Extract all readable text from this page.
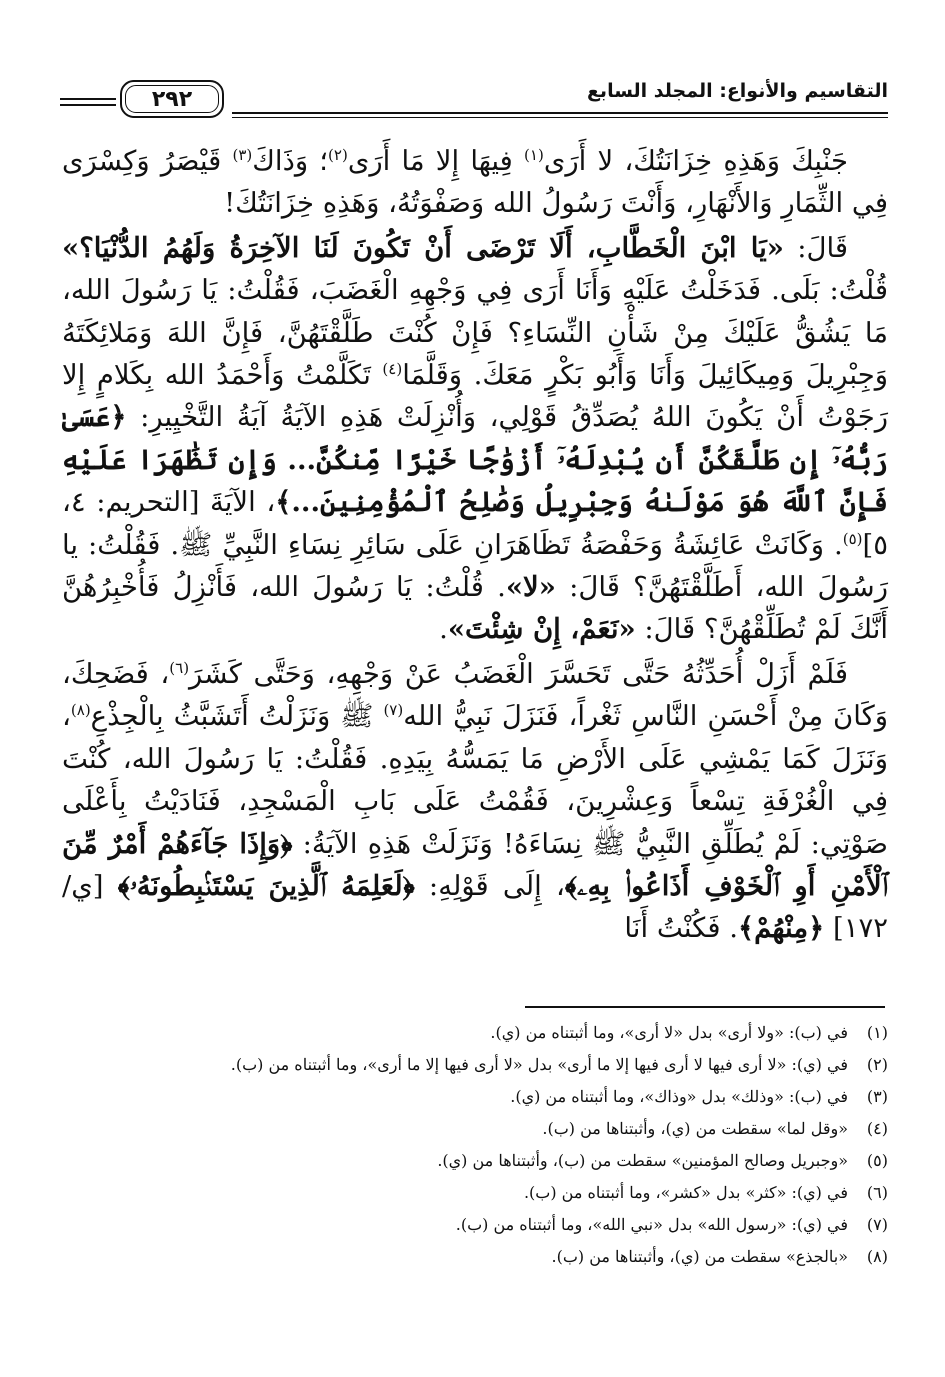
التقاسيم والأنواع: المجلد السابع
٢٩٢

جَنْبِكَ وَهَذِهِ خِزَانَتُكَ، لا أَرَى$^{(١)}$ فِيهَا إِلا مَا أَرَى$^{(٢)}$؛ وَذَاكَ$^{(٣)}$ قَيْصَرُ وَكِسْرَى فِي الثِّمَارِ وَالأَنْهَارِ، وَأَنْتَ رَسُولُ الله وَصَفْوَتُهُ، وَهَذِهِ خِزَانَتُكَ!

قَالَ: «يَا ابْنَ الْخَطَّابِ، أَلَا تَرْضَى أَنْ تَكُونَ لَنَا الآخِرَةُ وَلَهُمُ الدُّنْيَا؟» قُلْتُ: بَلَى. فَدَخَلْتُ عَلَيْهِ وَأَنَا أَرَى فِي وَجْهِهِ الْغَضَبَ، فَقُلْتُ: يَا رَسُولَ الله، مَا يَشُقُّ عَلَيْكَ مِنْ شَأْنِ النِّسَاءِ؟ فَإِنْ كُنْتَ طَلَّقْتَهُنَّ، فَإِنَّ اللهَ وَمَلائِكَتَهُ وَجِبْرِيلَ وَمِيكَائِيلَ وَأَنَا وَأَبُو بَكْرٍ مَعَكَ. وَقَلَّمَا$^{(٤)}$ تَكَلَّمْتُ وَأَحْمَدُ الله بِكَلامٍ إِلا رَجَوْتُ أَنْ يَكُونَ اللهُ يُصَدِّقُ قَوْلِي، وَأُنْزِلَتْ هَذِهِ الآيَةُ آيَةُ التَّخْيِيرِ: ﴿عَسَىٰ رَبُّهُۥٓ إِن طَلَّقَكُنَّ أَن يُبْدِلَهُۥٓ أَزْوَٰجًا خَيْرًا مِّنكُنَّ... وَإِن تَظَٰهَرَا عَلَيْهِ فَإِنَّ ٱللَّهَ هُوَ مَوْلَىٰهُ وَجِبْرِيلُ وَصَٰلِحُ ٱلْمُؤْمِنِينَ...﴾، الآيَةَ [التحريم: ٤، ٥]$^{(٥)}$. وَكَانَتْ عَائِشَةُ وَحَفْصَةُ تَظَاهَرَانِ عَلَى سَائِرِ نِسَاءِ النَّبِيِّ ﷺ. فَقُلْتُ: يا رَسُولَ الله، أَطَلَّقْتَهُنَّ؟ قَالَ: «لا». قُلْتُ: يَا رَسُولَ الله، فَأَنْزِلُ فَأُخْبِرُهُنَّ أَنَّكَ لَمْ تُطَلِّقْهُنَّ؟ قَالَ: «نَعَمْ، إِنْ شِئْتَ».

فَلَمْ أَزَلْ أُحَدِّثُهُ حَتَّى تَحَسَّرَ الْغَضَبُ عَنْ وَجْهِهِ، وَحَتَّى كَشَرَ$^{(٦)}$، فَضَحِكَ، وَكَانَ مِنْ أَحْسَنِ النَّاسِ ثَغْراً، فَنَزَلَ نَبِيُّ الله$^{(٧)}$ ﷺ وَنَزَلْتُ أَتَشَبَّثُ بِالْجِذْعِ$^{(٨)}$، وَنَزَلَ كَمَا يَمْشِي عَلَى الأَرْضِ مَا يَمَسُّهُ بِيَدِهِ. فَقُلْتُ: يَا رَسُولَ الله، كُنْتَ فِي الْغُرْفَةِ تِسْعاً وَعِشْرِينَ، فَقُمْتُ عَلَى بَابِ الْمَسْجِدِ، فَنَادَيْتُ بِأَعْلَى صَوْتِي: لَمْ يُطَلِّقِ النَّبِيُّ ﷺ نِسَاءَهُ! وَنَزَلَتْ هَذِهِ الآيَةُ: ﴿وَإِذَا جَآءَهُمْ أَمْرٌ مِّنَ ٱلْأَمْنِ أَوِ ٱلْخَوْفِ أَذَاعُوا۟ بِهِۦ﴾، إِلَى قَوْلِهِ: ﴿لَعَلِمَهُ ٱلَّذِينَ يَسْتَنۢبِطُونَهُۥ﴾ [ي/١٧٢] ﴿مِنْهُمْ﴾. فَكُنْتُ أَنَا

(١)
في (ب): «ولا أرى» بدل «لا أرى»، وما أثبتناه من (ي).
(٢)
في (ي): «لا أرى فيها لا أرى فيها إلا ما أرى» بدل «لا أرى فيها إلا ما أرى»، وما أثبتناه من (ب).
(٣)
في (ب): «وذلك» بدل «وذاك»، وما أثبتناه من (ي).
(٤)
«وقل لما» سقطت من (ي)، وأثبتناها من (ب).
(٥)
«وجبريل وصالح المؤمنين» سقطت من (ب)، وأثبتناها من (ي).
(٦)
في (ي): «كثر» بدل «كشر»، وما أثبتناه من (ب).
(٧)
في (ي): «رسول الله» بدل «نبي الله»، وما أثبتناه من (ب).
(٨)
«بالجذع» سقطت من (ي)، وأثبتناها من (ب).
